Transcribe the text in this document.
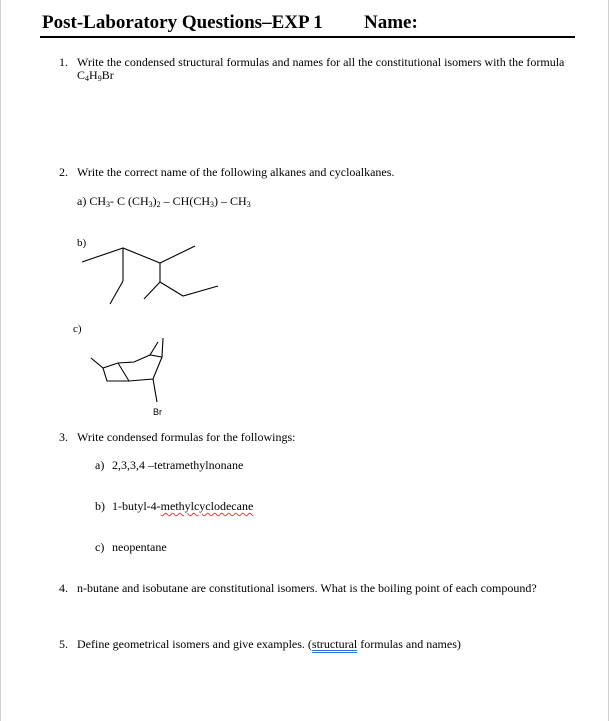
Post-Laboratory Questions–EXP 1 Name:
1. Write the condensed structural formulas and names for all the constitutional isomers with the formula
$C_4H_9Br$
2. Write the correct name of the following alkanes and cycloalkanes.
a) $CH_3-$ C $(CH_3)_2 - CH(CH_3) - CH_3$
b)
c)
Br
3. Write condensed formulas for the followings:
a) 2,3,3,4 –tetramethylnonane
b) 1-butyl-4-methylcyclodecane
c) neopentane
4. n-butane and isobutane are constitutional isomers. What is the boiling point of each compound?
5. Define geometrical isomers and give examples. (structural formulas and names)
